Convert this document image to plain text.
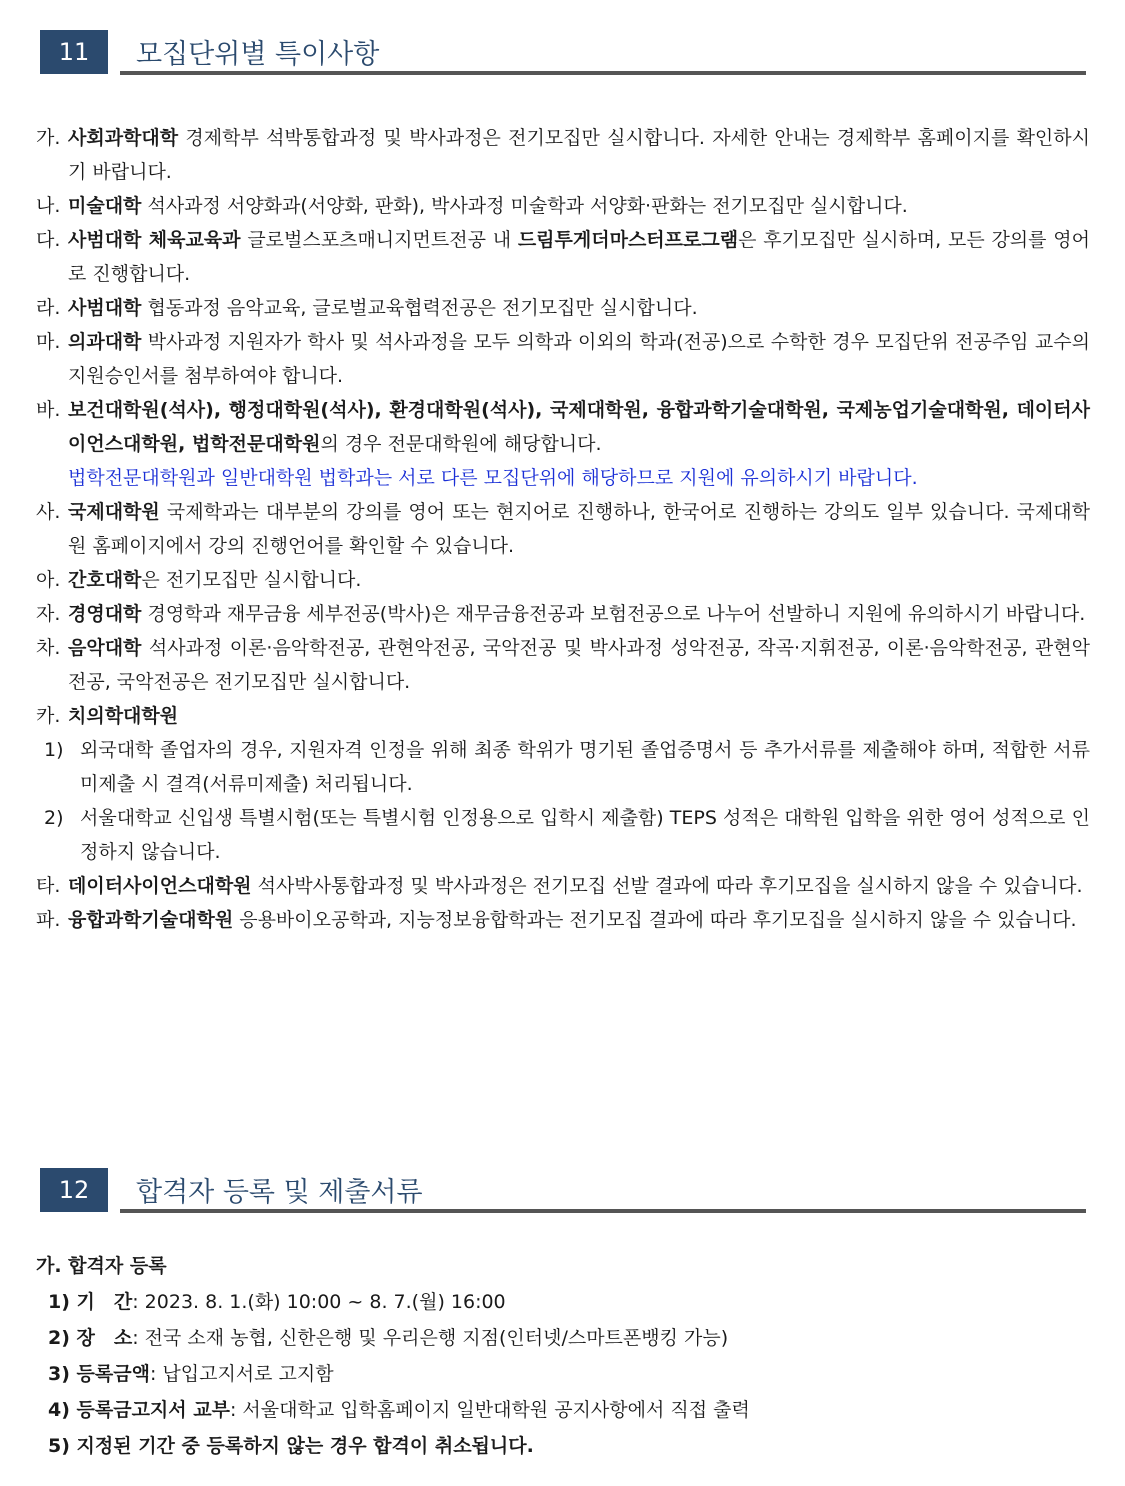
11	모집단위별 특이사항
가. 사회과학대학 경제학부 석박통합과정 및 박사과정은 전기모집만 실시합니다. 자세한 안내는 경제학부 홈페이지를 확인하시기 바랍니다.
나. 미술대학 석사과정 서양화과(서양화, 판화), 박사과정 미술학과 서양화·판화는 전기모집만 실시합니다.
다. 사범대학 체육교육과 글로벌스포츠매니지먼트전공 내 드림투게더마스터프로그램은 후기모집만 실시하며, 모든 강의를 영어로 진행합니다.
라. 사범대학 협동과정 음악교육, 글로벌교육협력전공은 전기모집만 실시합니다.
마. 의과대학 박사과정 지원자가 학사 및 석사과정을 모두 의학과 이외의 학과(전공)으로 수학한 경우 모집단위 전공주임 교수의 지원승인서를 첨부하여야 합니다.
바. 보건대학원(석사), 행정대학원(석사), 환경대학원(석사), 국제대학원, 융합과학기술대학원, 국제농업기술대학원, 데이터사이언스대학원, 법학전문대학원의 경우 전문대학원에 해당합니다.
법학전문대학원과 일반대학원 법학과는 서로 다른 모집단위에 해당하므로 지원에 유의하시기 바랍니다.
사. 국제대학원 국제학과는 대부분의 강의를 영어 또는 현지어로 진행하나, 한국어로 진행하는 강의도 일부 있습니다. 국제대학원 홈페이지에서 강의 진행언어를 확인할 수 있습니다.
아. 간호대학은 전기모집만 실시합니다.
자. 경영대학 경영학과 재무금융 세부전공(박사)은 재무금융전공과 보험전공으로 나누어 선발하니 지원에 유의하시기 바랍니다.
차. 음악대학 석사과정 이론·음악학전공, 관현악전공, 국악전공 및 박사과정 성악전공, 작곡·지휘전공, 이론·음악학전공, 관현악전공, 국악전공은 전기모집만 실시합니다.
카. 치의학대학원
1) 외국대학 졸업자의 경우, 지원자격 인정을 위해 최종 학위가 명기된 졸업증명서 등 추가서류를 제출해야 하며, 적합한 서류 미제출 시 결격(서류미제출) 처리됩니다.
2) 서울대학교 신입생 특별시험(또는 특별시험 인정용으로 입학시 제출함) TEPS 성적은 대학원 입학을 위한 영어 성적으로 인정하지 않습니다.
타. 데이터사이언스대학원 석사박사통합과정 및 박사과정은 전기모집 선발 결과에 따라 후기모집을 실시하지 않을 수 있습니다.
파. 융합과학기술대학원 응용바이오공학과, 지능정보융합학과는 전기모집 결과에 따라 후기모집을 실시하지 않을 수 있습니다.
12	합격자 등록 및 제출서류
가. 합격자 등록
1) 기　간 : 2023. 8. 1.(화) 10:00 ~ 8. 7.(월) 16:00
2) 장　소 : 전국 소재 농협, 신한은행 및 우리은행 지점(인터넷/스마트폰뱅킹 가능)
3) 등록금액 : 납입고지서로 고지함
4) 등록금고지서 교부 : 서울대학교 입학홈페이지 일반대학원 공지사항에서 직접 출력
5) 지정된 기간 중 등록하지 않는 경우 합격이 취소됩니다.
